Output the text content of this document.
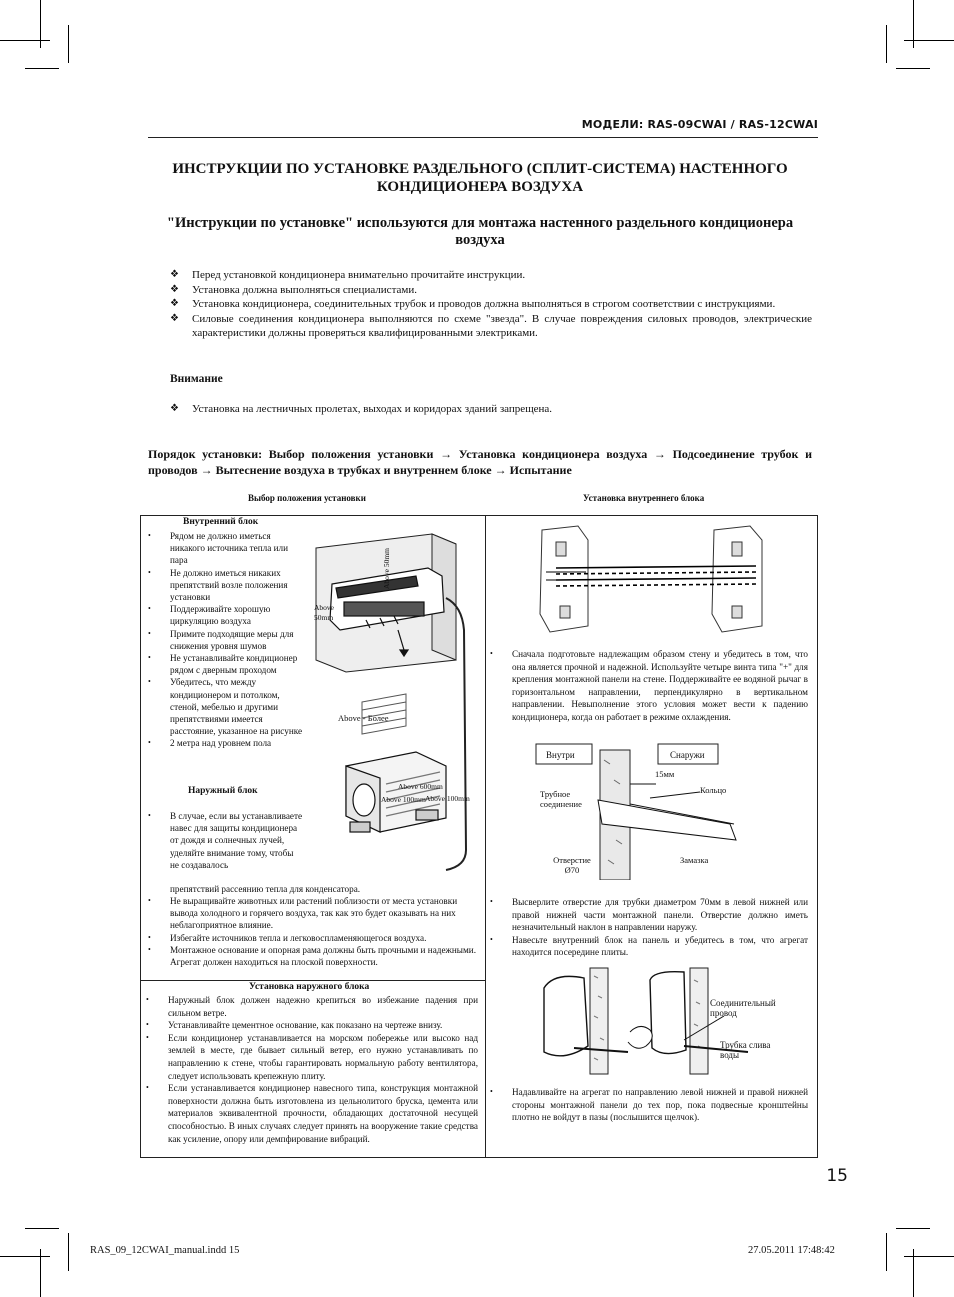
МОДЕЛИ: RAS-09CWAI / RAS-12CWAI
ИНСТРУКЦИИ ПО УСТАНОВКЕ РАЗДЕЛЬНОГО (СПЛИТ-СИСТЕМА) НАСТЕННОГО КОНДИЦИОНЕРА ВОЗДУХА
"Инструкции по установке" используются для монтажа настенного раздельного кондиционера воздуха
❖ Перед установкой кондиционера внимательно прочитайте инструкции.
❖ Установка должна выполняться специалистами.
❖ Установка кондиционера, соединительных трубок и проводов должна выполняться в строгом соответствии с инструкциями.
❖ Силовые соединения кондиционера выполняются по схеме "звезда". В случае повреждения силовых проводов, электрические характеристики должны проверяться квалифицированными электриками.
Внимание
❖ Установка на лестничных пролетах, выходах и коридорах зданий запрещена.
Порядок установки: Выбор положения установки → Установка кондиционера воздуха → Подсоединение трубок и проводов → Вытеснение воздуха в трубках и внутреннем блоке → Испытание
Выбор положения установки	Установка внутреннего блока
Внутренний блок
• Рядом не должно иметься никакого источника тепла или пара
• Не должно иметься никаких препятствий возле положения установки
• Поддерживайте хорошую циркуляцию воздуха
• Примите подходящие меры для снижения уровня шумов
• Не устанавливайте кондиционер рядом с дверным проходом
• Убедитесь, что между кондиционером и потолком, стеной, мебелью и другими препятствиями имеется расстояние, указанное на рисунке
• 2 метра над уровнем пола
Наружный блок
• В случае, если вы устанавливаете навес для защиты кондиционера от дождя и солнечных лучей, уделяйте внимание тому, чтобы не создавалось
препятствий рассеянию тепла для конденсатора.
• Не выращивайте животных или растений поблизости от места установки вывода холодного и горячего воздуха, так как это будет оказывать на них неблагоприятное влияние.
• Избегайте источников тепла и легковоспламеняющегося воздуха.
• Монтажное основание и опорная рама должны быть прочными и надежными. Агрегат должен находиться на плоской поверхности.
Above 50mm
Above 50mm
Above - Более
Above 600mm
Above 100mm Above 100mm
Установка наружного блока
• Наружный блок должен надежно крепиться во избежание падения при сильном ветре.
• Устанавливайте цементное основание, как показано на чертеже внизу.
• Если кондиционер устанавливается на морском побережье или высоко над землей в месте, где бывает сильный ветер, его нужно устанавливать по направлению к стене, чтобы гарантировать нормальную работу вентилятора, следует использовать крепежную плиту.
• Если устанавливается кондиционер навесного типа, конструкция монтажной поверхности должна быть изготовлена из цельнолитого бруска, цемента или материалов эквивалентной прочности, обладающих достаточной несущей способностью. В иных случаях следует принять на вооружение такие средства как усиление, опору или демпфирование вибраций.
• Сначала подготовьте надлежащим образом стену и убедитесь в том, что она является прочной и надежной. Используйте четыре винта типа "+" для крепления монтажной панели на стене. Поддерживайте ее водяной рычаг в горизонтальном направлении, перпендикулярно в вертикальном направлении. Невыполнение этого условия может вести к падению кондиционера, когда он работает в режиме охлаждения.
Внутри	Снаружи
15мм
Кольцо
Трубное соединение
Отверстие Ø70
Замазка
• Высверлите отверстие для трубки диаметром 70мм в левой нижней или правой нижней части монтажной панели. Отверстие должно иметь незначительный наклон в направлении наружу.
• Навесьте внутренний блок на панель и убедитесь в том, что агрегат находится посередине плиты.
Соединительный провод
Трубка слива воды
• Надавливайте на агрегат по направлению левой нижней и правой нижней стороны монтажной панели до тех пор, пока подвесные кронштейны плотно не войдут в пазы (послышится щелчок).
15
RAS_09_12CWAI_manual.indd 15	27.05.2011 17:48:42
